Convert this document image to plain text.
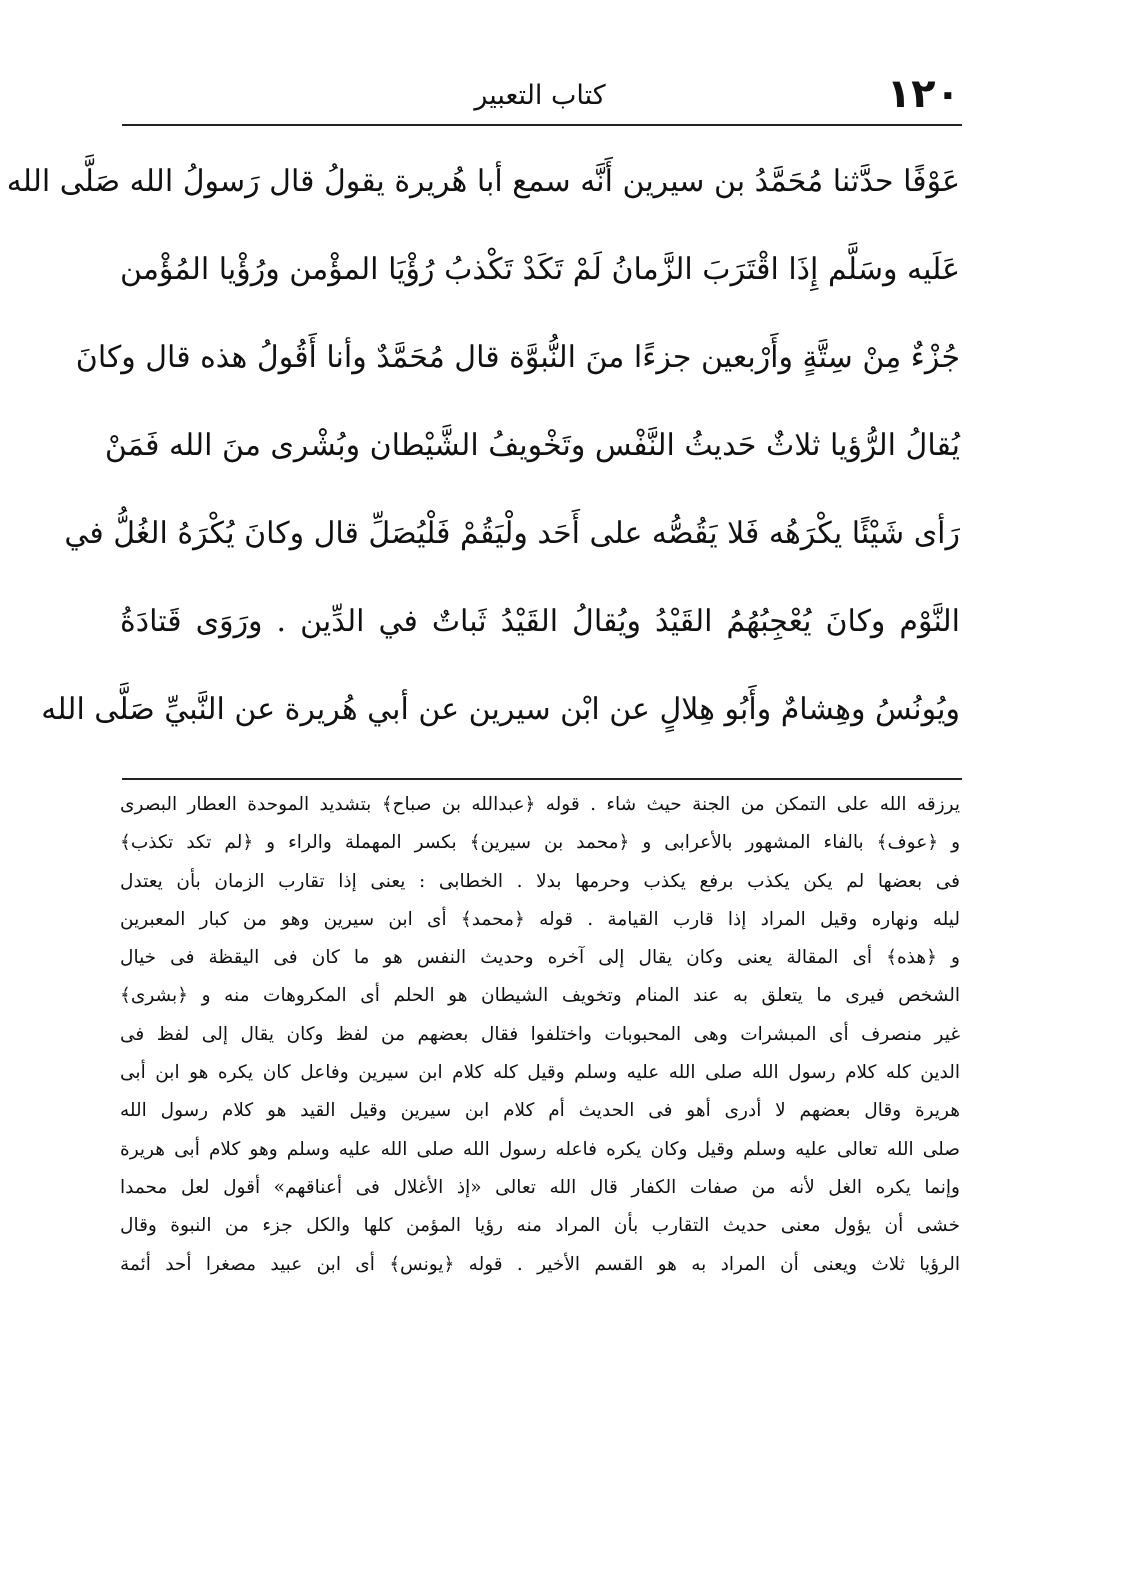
١٢٠
كتاب التعبير
عَوْفًا حدَّثنا مُحَمَّدُ بن سيرين أَنَّه سمع أبا هُريرة يقولُ قال رَسولُ الله صَلَّى الله
عَلَيه وسَلَّم إِذَا اقْتَرَبَ الزَّمانُ لَمْ تَكَدْ تَكْذبُ رُؤْيَا المؤْمن ورُؤْيا المُؤْمن
جُزْءٌ مِنْ سِتَّةٍ وأَرْبعين جزءًا منَ النُّبوَّة قال مُحَمَّدٌ وأنا أَقُولُ هذه قال وكانَ
يُقالُ الرُّؤيا ثلاثٌ حَديثُ النَّفْس وتَخْويفُ الشَّيْطان وبُشْرى منَ الله فَمَنْ
رَأى شَيْئًا يكْرَهُه فَلا يَقُصُّه على أَحَد ولْيَقُمْ فَلْيُصَلِّ قال وكانَ يُكْرَهُ الغُلُّ في
النَّوْم وكانَ يُعْجِبُهُمُ القَيْدُ ويُقالُ القَيْدُ ثَباتٌ في الدِّين . ورَوَى قَتادَةُ
ويُونُسُ وهِشامٌ وأَبُو هِلالٍ عن ابْن سيرين عن أبي هُريرة عن النَّبيِّ صَلَّى الله
يرزقه الله على التمكن من الجنة حيث شاء . قوله ﴿عبدالله بن صباح﴾ بتشديد الموحدة العطار البصرى
و ﴿عوف﴾ بالفاء المشهور بالأعرابى و ﴿محمد بن سيرين﴾ بكسر المهملة والراء و ﴿لم تكد تكذب﴾
فى بعضها لم يكن يكذب برفع يكذب وحرمها بدلا . الخطابى : يعنى إذا تقارب الزمان بأن يعتدل
ليله ونهاره وقيل المراد إذا قارب القيامة . قوله ﴿محمد﴾ أى ابن سيرين وهو من كبار المعبرين
و ﴿هذه﴾ أى المقالة يعنى وكان يقال إلى آخره وحديث النفس هو ما كان فى اليقظة فى خيال
الشخص فيرى ما يتعلق به عند المنام وتخويف الشيطان هو الحلم أى المكروهات منه و ﴿بشرى﴾
غير منصرف أى المبشرات وهى المحبوبات واختلفوا فقال بعضهم من لفظ وكان يقال إلى لفظ فى
الدين كله كلام رسول الله صلى الله عليه وسلم وقيل كله كلام ابن سيرين وفاعل كان يكره هو ابن أبى
هريرة وقال بعضهم لا أدرى أهو فى الحديث أم كلام ابن سيرين وقيل القيد هو كلام رسول الله
صلى الله تعالى عليه وسلم وقيل وكان يكره فاعله رسول الله صلى الله عليه وسلم وهو كلام أبى هريرة
وإنما يكره الغل لأنه من صفات الكفار قال الله تعالى «إذ الأغلال فى أعناقهم» أقول لعل محمدا
خشى أن يؤول معنى حديث التقارب بأن المراد منه رؤيا المؤمن كلها والكل جزء من النبوة وقال
الرؤيا ثلاث ويعنى أن المراد به هو القسم الأخير . قوله ﴿يونس﴾ أى ابن عبيد مصغرا أحد أئمة
